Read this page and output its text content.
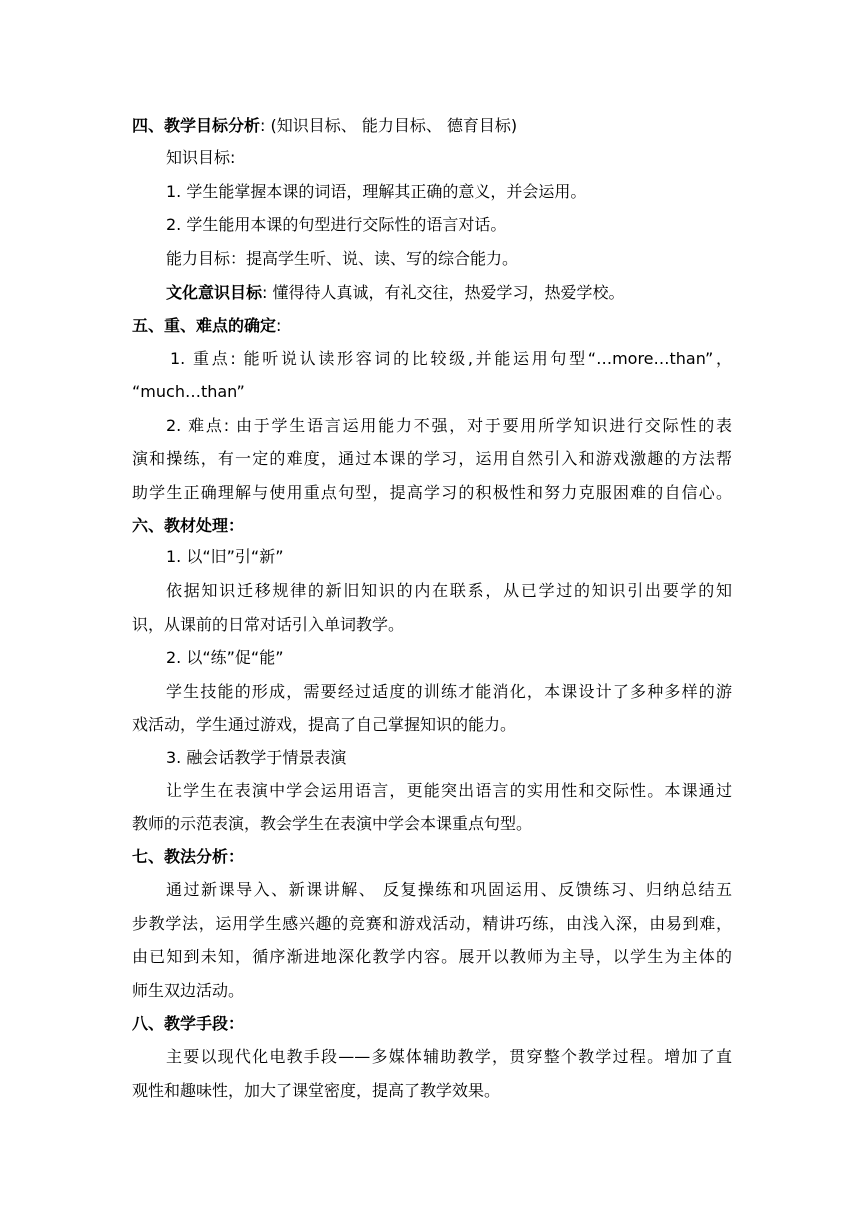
四、教学目标分析: (知识目标、 能力目标、 德育目标)
知识目标:
1. 学生能掌握本课的词语，理解其正确的意义，并会运用。
2. 学生能用本课的句型进行交际性的语言对话。
能力目标：提高学生听、说、读、写的综合能力。
文化意识目标: 懂得待人真诚，有礼交往，热爱学习，热爱学校。
五、重、难点的确定:
1. 重点: 能听说认读形容词的比较级,并能运用句型“…more…than”，
“much…than”
2. 难点: 由于学生语言运用能力不强，对于要用所学知识进行交际性的表
演和操练，有一定的难度，通过本课的学习，运用自然引入和游戏激趣的方法帮
助学生正确理解与使用重点句型，提高学习的积极性和努力克服困难的自信心。
六、教材处理：
1. 以“旧”引“新”
依据知识迁移规律的新旧知识的内在联系，从已学过的知识引出要学的知
识，从课前的日常对话引入单词教学。
2. 以“练”促“能”
学生技能的形成，需要经过适度的训练才能消化，本课设计了多种多样的游
戏活动，学生通过游戏，提高了自己掌握知识的能力。
3. 融会话教学于情景表演
让学生在表演中学会运用语言，更能突出语言的实用性和交际性。本课通过
教师的示范表演，教会学生在表演中学会本课重点句型。
七、教法分析：
通过新课导入、新课讲解、 反复操练和巩固运用、反馈练习、归纳总结五
步教学法，运用学生感兴趣的竞赛和游戏活动，精讲巧练，由浅入深，由易到难，
由已知到未知，循序渐进地深化教学内容。展开以教师为主导，以学生为主体的
师生双边活动。
八、教学手段：
主要以现代化电教手段——多媒体辅助教学，贯穿整个教学过程。增加了直
观性和趣味性，加大了课堂密度，提高了教学效果。
